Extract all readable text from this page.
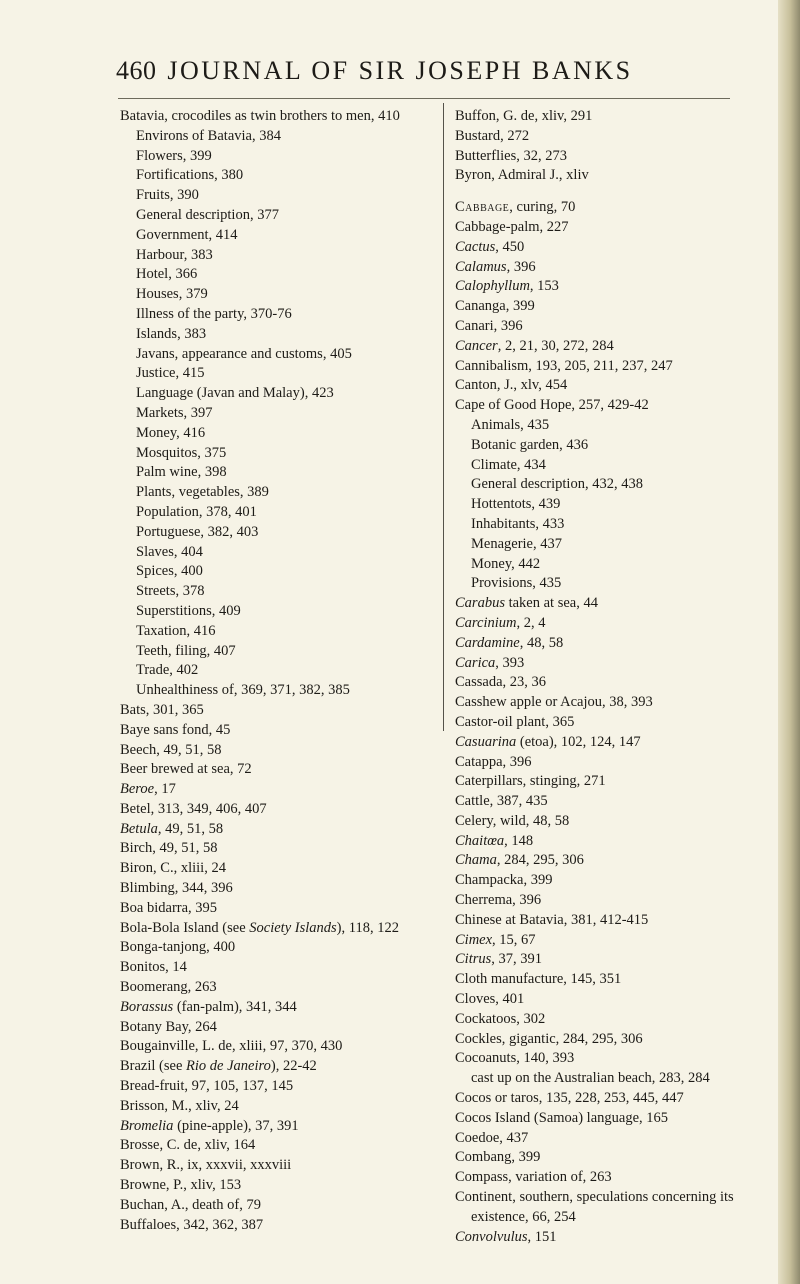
460 JOURNAL OF SIR JOSEPH BANKS
Batavia, crocodiles as twin brothers to men, 410
Environs of Batavia, 384
Flowers, 399
Fortifications, 380
Fruits, 390
General description, 377
Government, 414
Harbour, 383
Hotel, 366
Houses, 379
Illness of the party, 370-76
Islands, 383
Javans, appearance and customs, 405
Justice, 415
Language (Javan and Malay), 423
Markets, 397
Money, 416
Mosquitos, 375
Palm wine, 398
Plants, vegetables, 389
Population, 378, 401
Portuguese, 382, 403
Slaves, 404
Spices, 400
Streets, 378
Superstitions, 409
Taxation, 416
Teeth, filing, 407
Trade, 402
Unhealthiness of, 369, 371, 382, 385
Bats, 301, 365
Baye sans fond, 45
Beech, 49, 51, 58
Beer brewed at sea, 72
Beroe, 17
Betel, 313, 349, 406, 407
Betula, 49, 51, 58
Birch, 49, 51, 58
Biron, C., xliii, 24
Blimbing, 344, 396
Boa bidarra, 395
Bola-Bola Island (see Society Islands), 118, 122
Bonga-tanjong, 400
Bonitos, 14
Boomerang, 263
Borassus (fan-palm), 341, 344
Botany Bay, 264
Bougainville, L. de, xliii, 97, 370, 430
Brazil (see Rio de Janeiro), 22-42
Bread-fruit, 97, 105, 137, 145
Brisson, M., xliv, 24
Bromelia (pine-apple), 37, 391
Brosse, C. de, xliv, 164
Brown, R., ix, xxxvii, xxxviii
Browne, P., xliv, 153
Buchan, A., death of, 79
Buffaloes, 342, 362, 387
Buffon, G. de, xliv, 291
Bustard, 272
Butterflies, 32, 273
Byron, Admiral J., xliv
Cabbage, curing, 70
Cabbage-palm, 227
Cactus, 450
Calamus, 396
Calophyllum, 153
Cananga, 399
Canari, 396
Cancer, 2, 21, 30, 272, 284
Cannibalism, 193, 205, 211, 237, 247
Canton, J., xlv, 454
Cape of Good Hope, 257, 429-42
Animals, 435
Botanic garden, 436
Climate, 434
General description, 432, 438
Hottentots, 439
Inhabitants, 433
Menagerie, 437
Money, 442
Provisions, 435
Carabus taken at sea, 44
Carcinium, 2, 4
Cardamine, 48, 58
Carica, 393
Cassada, 23, 36
Casshew apple or Acajou, 38, 393
Castor-oil plant, 365
Casuarina (etoa), 102, 124, 147
Catappa, 396
Caterpillars, stinging, 271
Cattle, 387, 435
Celery, wild, 48, 58
Chaitœa, 148
Chama, 284, 295, 306
Champacka, 399
Cherrema, 396
Chinese at Batavia, 381, 412-415
Cimex, 15, 67
Citrus, 37, 391
Cloth manufacture, 145, 351
Cloves, 401
Cockatoos, 302
Cockles, gigantic, 284, 295, 306
Cocoanuts, 140, 393
cast up on the Australian beach, 283, 284
Cocos or taros, 135, 228, 253, 445, 447
Cocos Island (Samoa) language, 165
Coedoe, 437
Combang, 399
Compass, variation of, 263
Continent, southern, speculations concerning its existence, 66, 254
Convolvulus, 151
